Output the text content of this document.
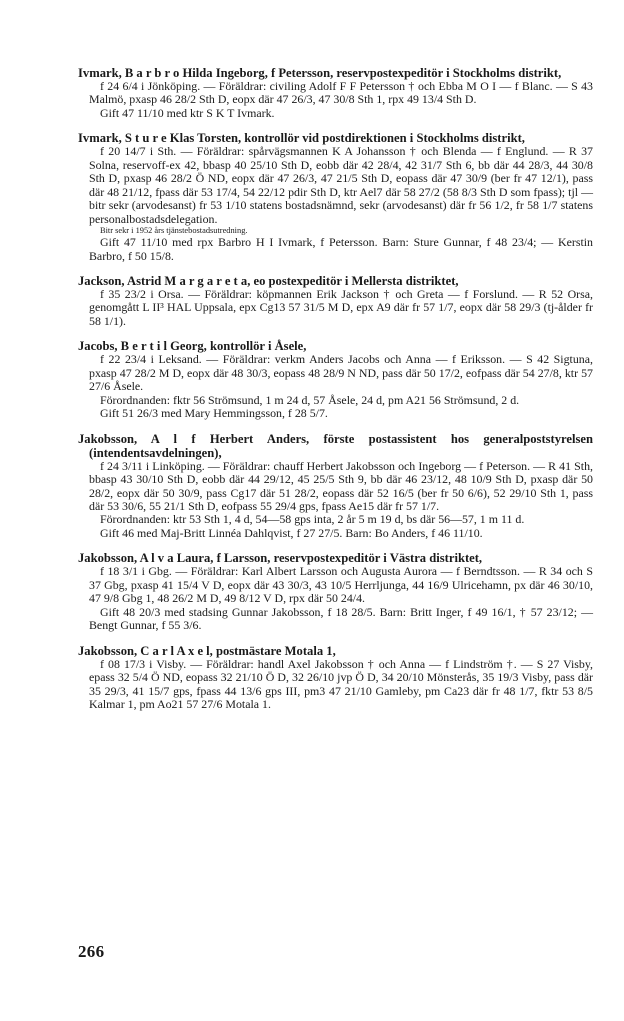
Ivmark, B a r b r o Hilda Ingeborg, f Petersson, reservpostexpeditör i Stockholms distrikt,

f 24 6/4 i Jönköping. — Föräldrar: civiling Adolf F F Petersson † och Ebba M O I — f Blanc. — S 43 Malmö, pxasp 46 28/2 Sth D, eopx där 47 26/3, 47 30/8 Sth 1, rpx 49 13/4 Sth D.

Gift 47 11/10 med ktr S K T Ivmark.

Ivmark, S t u r e Klas Torsten, kontrollör vid postdirektionen i Stockholms distrikt,

f 20 14/7 i Sth. — Föräldrar: spårvägsmannen K A Johansson † och Blenda — f Englund. — R 37 Solna, reservoff-ex 42, bbasp 40 25/10 Sth D, eobb där 42 28/4, 42 31/7 Sth 6, bb där 44 28/3, 44 30/8 Sth D, pxasp 46 28/2 Ö ND, eopx där 47 26/3, 47 21/5 Sth D, eopass där 47 30/9 (ber fr 47 12/1), pass där 48 21/12, fpass där 53 17/4, 54 22/12 pdir Sth D, ktr Ael7 där 58 27/2 (58 8/3 Sth D som fpass); tjl — bitr sekr (arvodesanst) fr 53 1/10 statens bostadsnämnd, sekr (arvodesanst) där fr 56 1/2, fr 58 1/7 statens personalbostadsdelegation.

Bitr sekr i 1952 års tjänstebostadsutredning.

Gift 47 11/10 med rpx Barbro H I Ivmark, f Petersson. Barn: Sture Gunnar, f 48 23/4; — Kerstin Barbro, f 50 15/8.

Jackson, Astrid M a r g a r e t a, eo postexpeditör i Mellersta distriktet,

f 35 23/2 i Orsa. — Föräldrar: köpmannen Erik Jackson † och Greta — f Forslund. — R 52 Orsa, genomgått L II³ HAL Uppsala, epx Cg13 57 31/5 M D, epx A9 där fr 57 1/7, eopx där 58 29/3 (tj-ålder fr 58 1/1).

Jacobs, B e r t i l Georg, kontrollör i Åsele,

f 22 23/4 i Leksand. — Föräldrar: verkm Anders Jacobs och Anna — f Eriksson. — S 42 Sigtuna, pxasp 47 28/2 M D, eopx där 48 30/3, eopass 48 28/9 N ND, pass där 50 17/2, eofpass där 54 27/8, ktr 57 27/6 Åsele.

Förordnanden: fktr 56 Strömsund, 1 m 24 d, 57 Åsele, 24 d, pm A21 56 Strömsund, 2 d.

Gift 51 26/3 med Mary Hemmingsson, f 28 5/7.

Jakobsson, A l f Herbert Anders, förste postassistent hos generalpoststyrelsen (intendentsavdelningen),

f 24 3/11 i Linköping. — Föräldrar: chauff Herbert Jakobsson och Ingeborg — f Peterson. — R 41 Sth, bbasp 43 30/10 Sth D, eobb där 44 29/12, 45 25/5 Sth 9, bb där 46 23/12, 48 10/9 Sth D, pxasp där 50 28/2, eopx där 50 30/9, pass Cg17 där 51 28/2, eopass där 52 16/5 (ber fr 50 6/6), 52 29/10 Sth 1, pass där 53 30/6, 55 21/1 Sth D, eofpass 55 29/4 gps, fpass Ae15 där fr 57 1/7.

Förordnanden: ktr 53 Sth 1, 4 d, 54—58 gps inta, 2 år 5 m 19 d, bs där 56—57, 1 m 11 d.

Gift 46 med Maj-Britt Linnéa Dahlqvist, f 27 27/5. Barn: Bo Anders, f 46 11/10.

Jakobsson, A l v a Laura, f Larsson, reservpostexpeditör i Västra distriktet,

f 18 3/1 i Gbg. — Föräldrar: Karl Albert Larsson och Augusta Aurora — f Berndtsson. — R 34 och S 37 Gbg, pxasp 41 15/4 V D, eopx där 43 30/3, 43 10/5 Herrljunga, 44 16/9 Ulricehamn, px där 46 30/10, 47 9/8 Gbg 1, 48 26/2 M D, 49 8/12 V D, rpx där 50 24/4.

Gift 48 20/3 med stadsing Gunnar Jakobsson, f 18 28/5. Barn: Britt Inger, f 49 16/1, † 57 23/12; — Bengt Gunnar, f 55 3/6.

Jakobsson, C a r l A x e l, postmästare Motala 1,

f 08 17/3 i Visby. — Föräldrar: handl Axel Jakobsson † och Anna — f Lindström †. — S 27 Visby, epass 32 5/4 Ö ND, eopass 32 21/10 Ö D, 32 26/10 jvp Ö D, 34 20/10 Mönsterås, 35 19/3 Visby, pass där 35 29/3, 41 15/7 gps, fpass 44 13/6 gps III, pm3 47 21/10 Gamleby, pm Ca23 där fr 48 1/7, fktr 53 8/5 Kalmar 1, pm Ao21 57 27/6 Motala 1.

266
